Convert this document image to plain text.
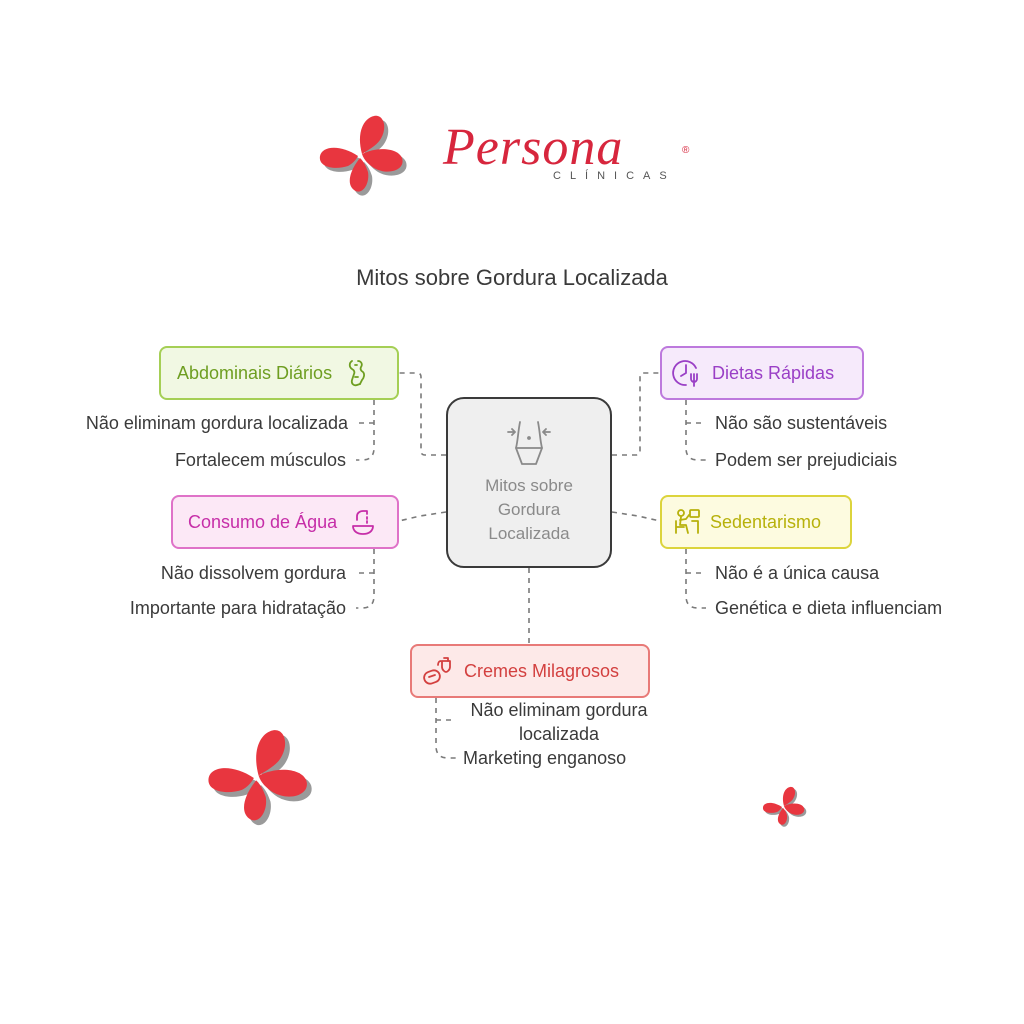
Persona	®
CLÍNICAS
Mitos sobre Gordura Localizada
Mitos sobre
Gordura
Localizada
Abdominais Diários
Não eliminam gordura localizada
Fortalecem músculos
Consumo de Água
Não dissolvem gordura
Importante para hidratação
Dietas Rápidas
Não são sustentáveis
Podem ser prejudiciais
Sedentarismo
Não é a única causa
Genética e dieta influenciam
Cremes Milagrosos
Não eliminam gordura
localizada
Marketing enganoso
